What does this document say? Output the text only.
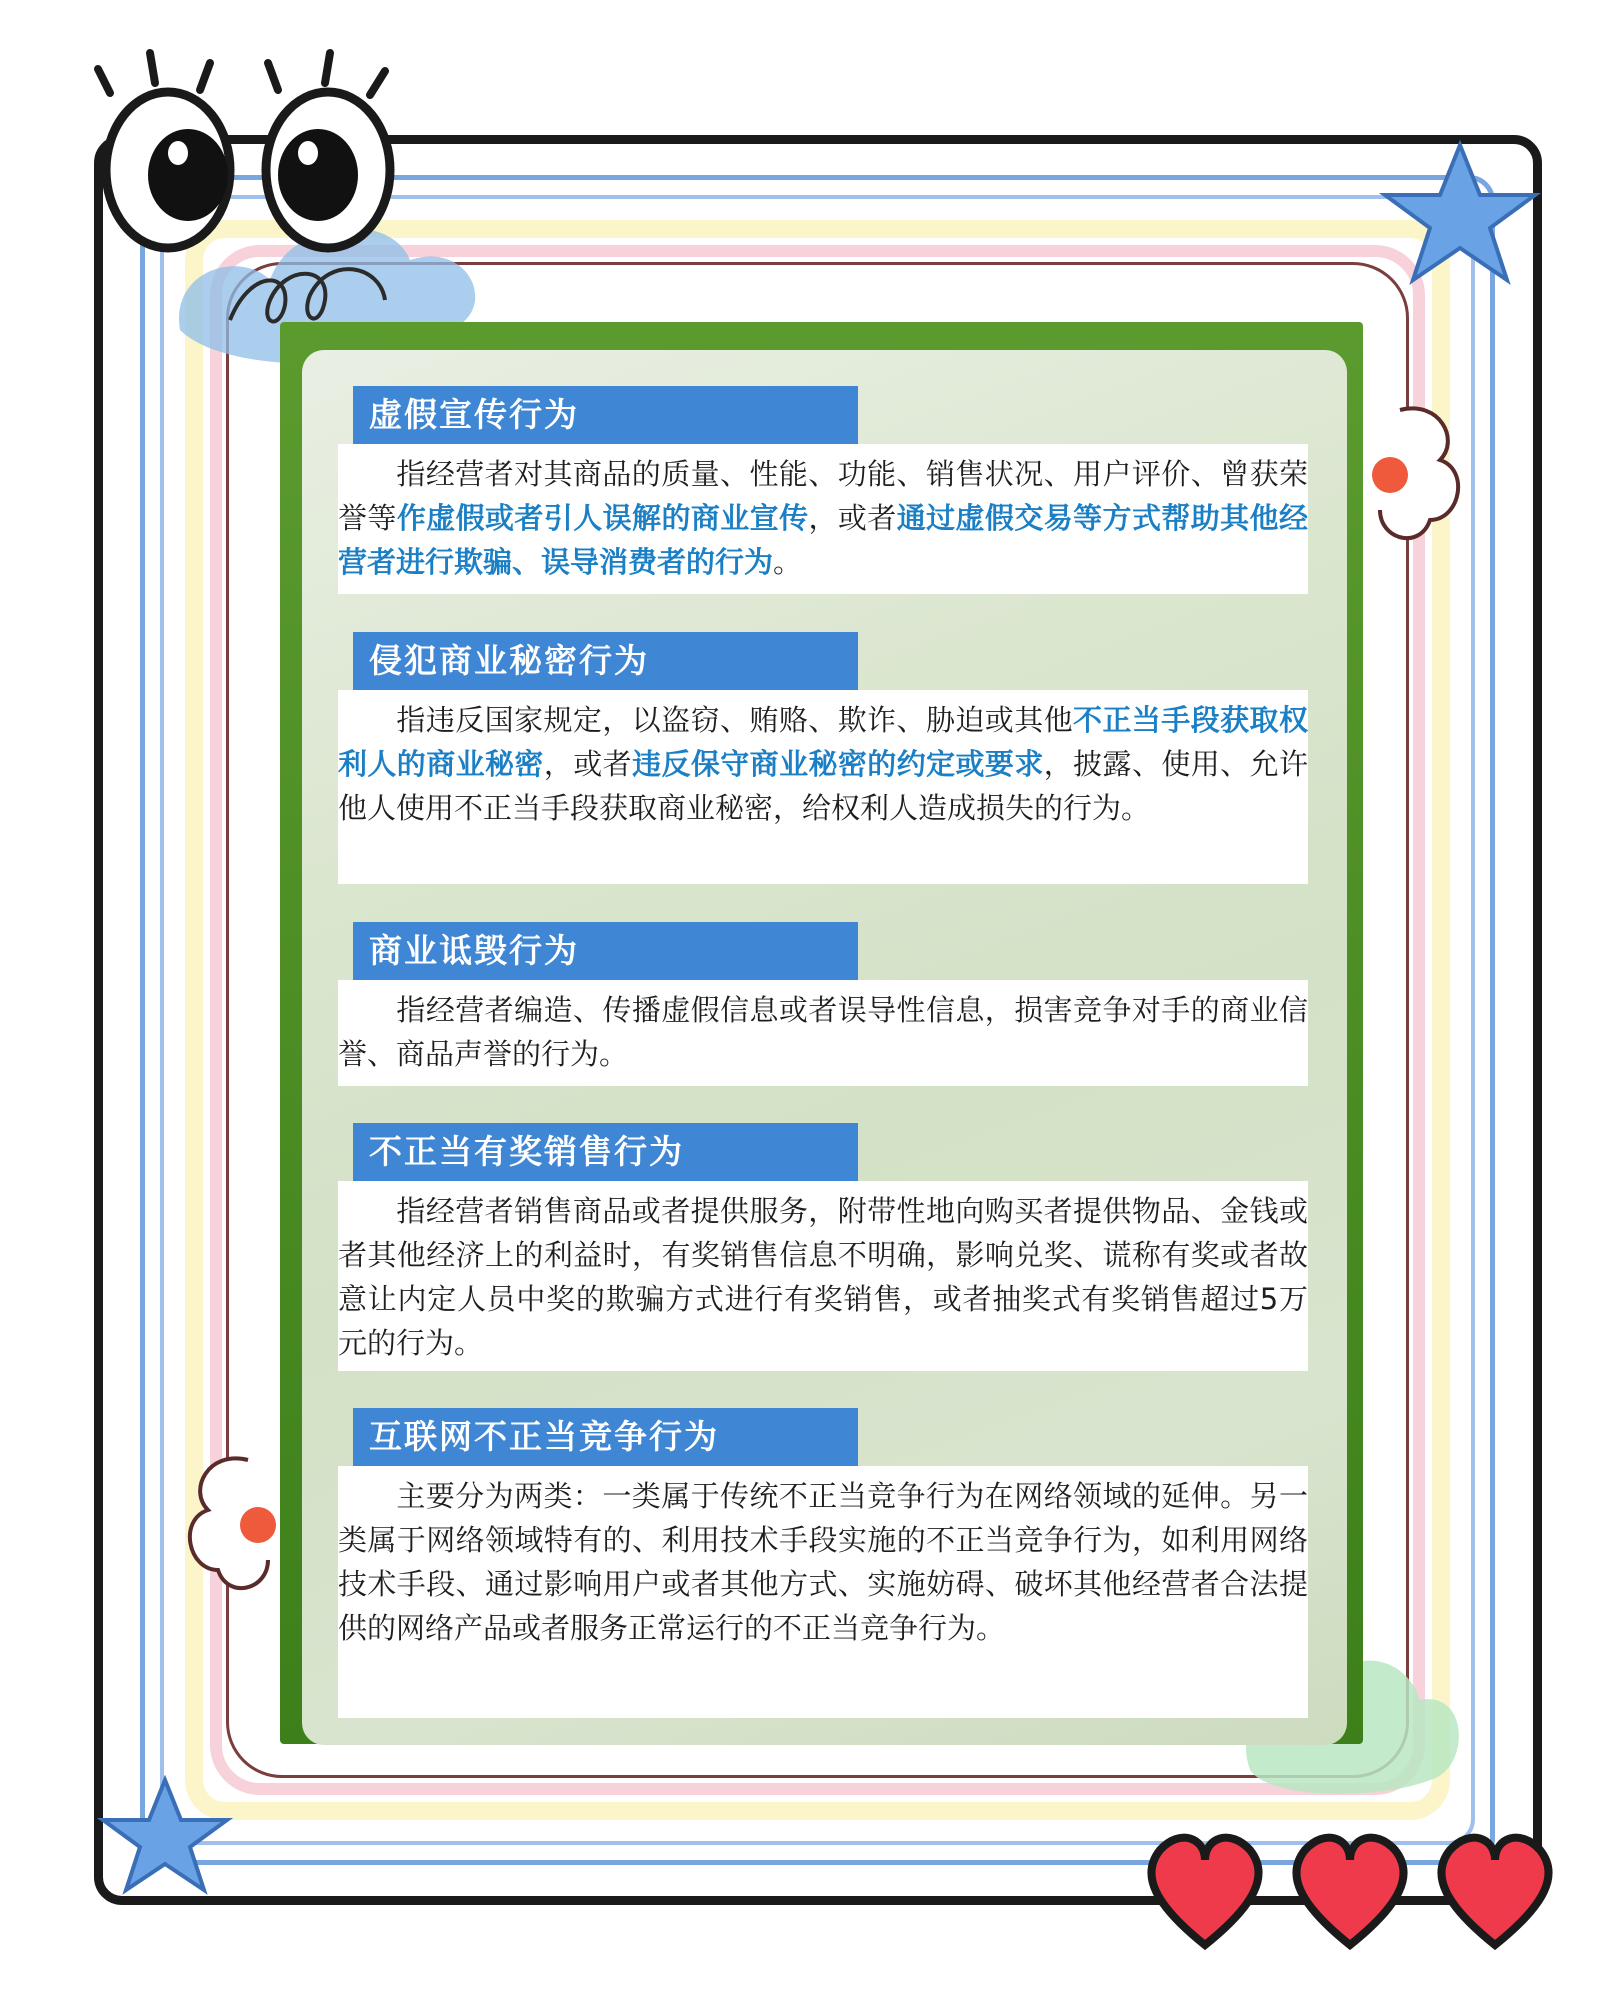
虚假宣传行为

指经营者对其商品的质量、性能、功能、销售状况、用户评价、曾获荣誉等作虚假或者引人误解的商业宣传，或者通过虚假交易等方式帮助其他经营者进行欺骗、误导消费者的行为。

侵犯商业秘密行为

指违反国家规定，以盗窃、贿赂、欺诈、胁迫或其他不正当手段获取权利人的商业秘密，或者违反保守商业秘密的约定或要求，披露、使用、允许他人使用不正当手段获取商业秘密，给权利人造成损失的行为。

商业诋毁行为

指经营者编造、传播虚假信息或者误导性信息，损害竞争对手的商业信誉、商品声誉的行为。

不正当有奖销售行为

指经营者销售商品或者提供服务，附带性地向购买者提供物品、金钱或者其他经济上的利益时，有奖销售信息不明确，影响兑奖、谎称有奖或者故意让内定人员中奖的欺骗方式进行有奖销售，或者抽奖式有奖销售超过5万元的行为。

互联网不正当竞争行为

主要分为两类：一类属于传统不正当竞争行为在网络领域的延伸。另一类属于网络领域特有的、利用技术手段实施的不正当竞争行为，如利用网络技术手段、通过影响用户或者其他方式、实施妨碍、破坏其他经营者合法提供的网络产品或者服务正常运行的不正当竞争行为。
